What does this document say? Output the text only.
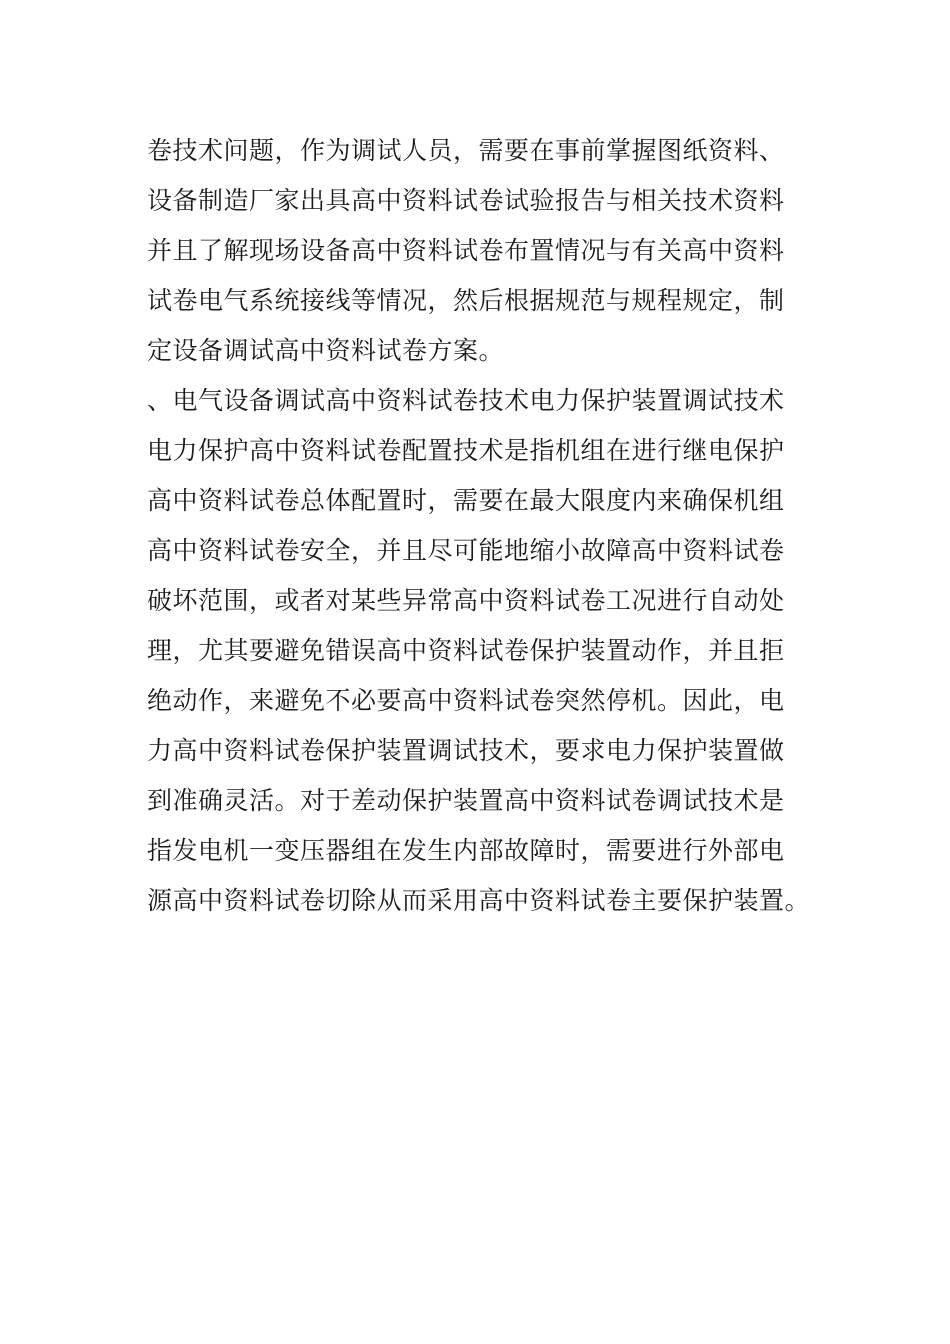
卷技术问题，作为调试人员，需要在事前掌握图纸资料、
设备制造厂家出具高中资料试卷试验报告与相关技术资料
并且了解现场设备高中资料试卷布置情况与有关高中资料
试卷电气系统接线等情况，然后根据规范与规程规定，制
定设备调试高中资料试卷方案。
、电气设备调试高中资料试卷技术电力保护装置调试技术
电力保护高中资料试卷配置技术是指机组在进行继电保护
高中资料试卷总体配置时，需要在最大限度内来确保机组
高中资料试卷安全，并且尽可能地缩小故障高中资料试卷
破坏范围，或者对某些异常高中资料试卷工况进行自动处
理，尤其要避免错误高中资料试卷保护装置动作，并且拒
绝动作，来避免不必要高中资料试卷突然停机。因此，电
力高中资料试卷保护装置调试技术，要求电力保护装置做
到准确灵活。对于差动保护装置高中资料试卷调试技术是
指发电机一变压器组在发生内部故障时，需要进行外部电
源高中资料试卷切除从而采用高中资料试卷主要保护装置。
